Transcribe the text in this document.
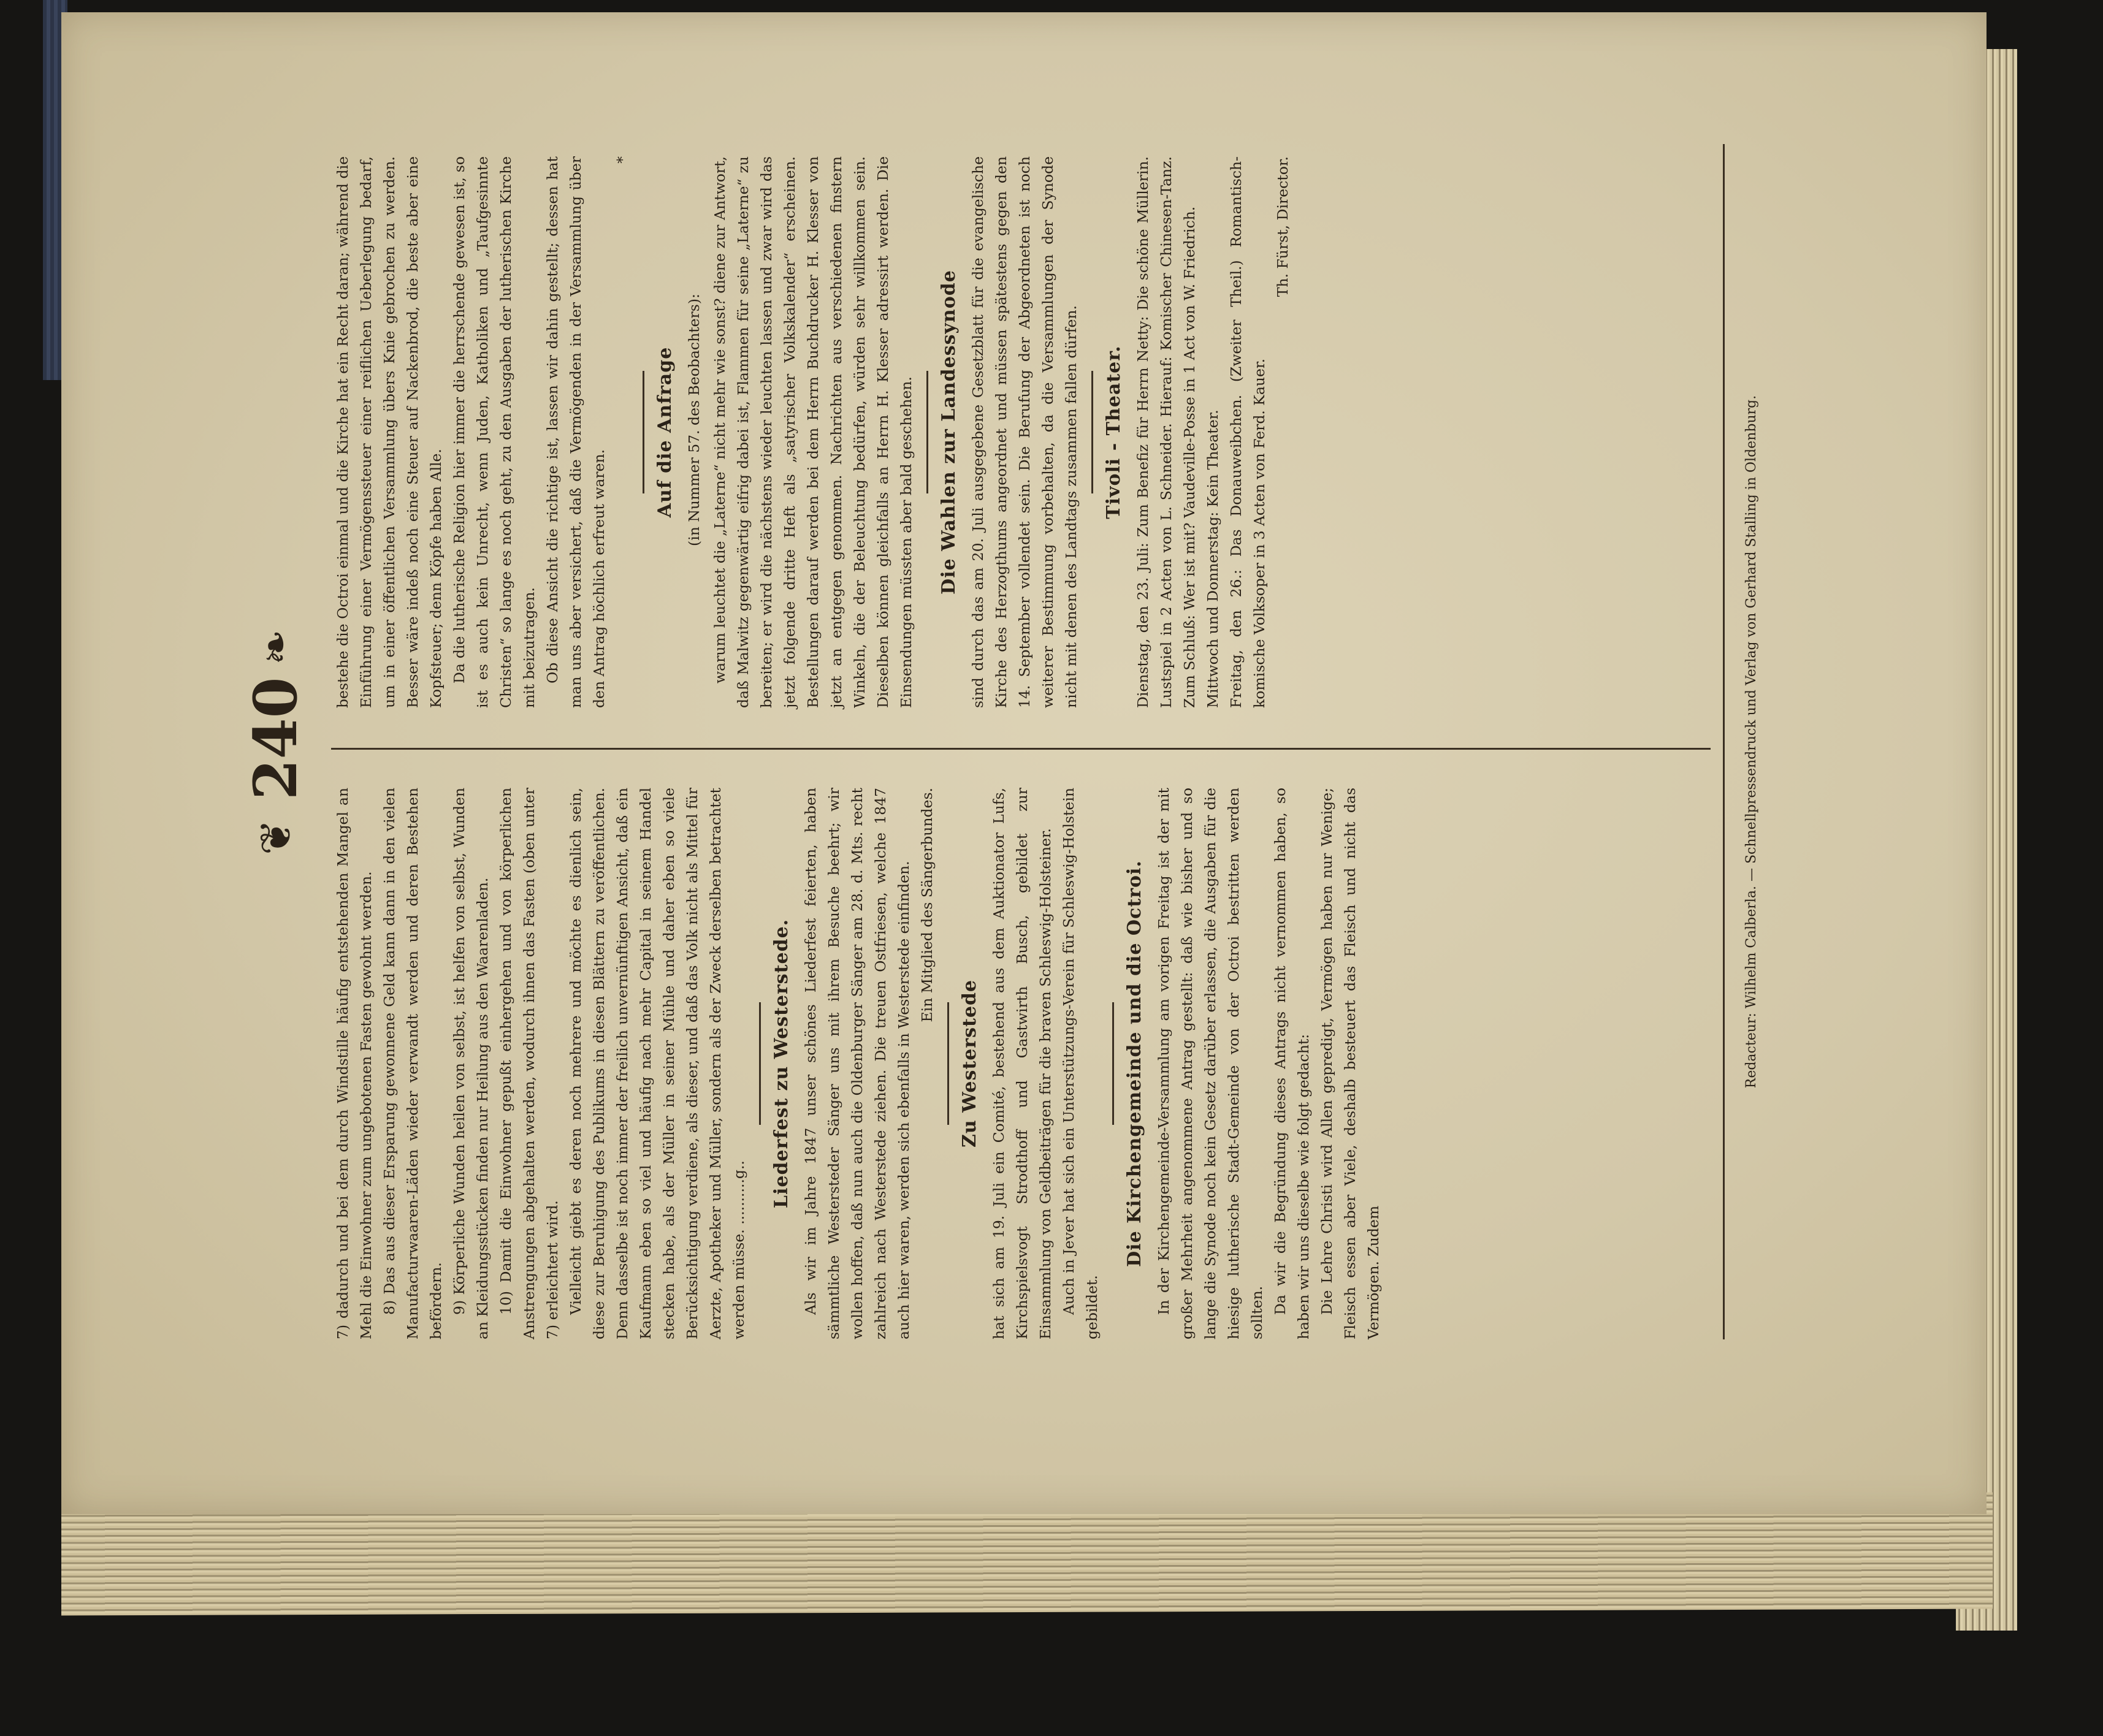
❦
240
❧

7) dadurch und bei dem durch Windstille häufig entstehenden Mangel an Mehl die Einwohner zum ungebotenen Fasten gewohnt werden. 8) Das aus dieser Ersparung gewonnene Geld kann dann in den vielen Manufacturwaaren-Läden wieder verwandt werden und deren Bestehen befördern. 9) Körperliche Wunden heilen von selbst, ist helfen von selbst, Wunden an Kleidungsstücken finden nur Heilung aus den Waarenladen. 10) Damit die Einwohner gepußt einhergehen und von körperlichen Anstrengungen abgehalten werden, wodurch ihnen das Fasten (oben unter 7) erleichtert wird. Vielleicht giebt es deren noch mehrere und möchte es dienlich sein, diese zur Beruhigung des Publikums in diesen Blättern zu veröffentlichen. Denn dasselbe ist noch immer der freilich unvernünftigen Ansicht, daß ein Kaufmann eben so viel und häufig nach mehr Capital in seinem Handel stecken habe, als der Müller in seiner Mühle und daher eben so viele Berücksichtigung verdiene, als dieser, und daß das Volk nicht als Mittel für Aerzte, Apotheker und Müller, sondern als der Zweck derselben betrachtet werden müsse. ..........g..

Liederfest zu Westerstede. Als wir im Jahre 1847 unser schönes Liederfest feierten, haben sämmtliche Westersteder Sänger uns mit ihrem Besuche beehrt; wir wollen hoffen, daß nun auch die Oldenburger Sänger am 28. d. Mts. recht zahlreich nach Westerstede ziehen. Die treuen Ostfriesen, welche 1847 auch hier waren, werden sich ebenfalls in Westerstede einfinden. Ein Mitglied des Sängerbundes.

Zu Westerstede hat sich am 19. Juli ein Comité, bestehend aus dem Auktionator Lufs, Kirchspielsvogt Strodthoff und Gastwirth Busch, gebildet zur Einsammlung von Geldbeiträgen für die braven Schleswig-Holsteiner. Auch in Jever hat sich ein Unterstützungs-Verein für Schleswig-Holstein gebildet.

Die Kirchengemeinde und die Octroi. In der Kirchengemeinde-Versammlung am vorigen Freitag ist der mit großer Mehrheit angenommene Antrag gestellt: daß wie bisher und so lange die Synode noch kein Gesetz darüber erlassen, die Ausgaben für die hiesige lutherische Stadt-Gemeinde von der Octroi bestritten werden sollten. Da wir die Begründung dieses Antrags nicht vernommen haben, so haben wir uns dieselbe wie folgt gedacht: Die Lehre Christi wird Allen gepredigt, Vermögen haben nur Wenige; Fleisch essen aber Viele, deshalb besteuert das Fleisch und nicht das Vermögen. Zudem

bestehe die Octroi einmal und die Kirche hat ein Recht daran; während die Einführung einer Vermögenssteuer einer reiflichen Ueberlegung bedarf, um in einer öffentlichen Versammlung übers Knie gebrochen zu werden. Besser wäre indeß noch eine Steuer auf Nackenbrod, die beste aber eine Kopfsteuer; denn Köpfe haben Alle. Da die lutherische Religion hier immer die herrschende gewesen ist, so ist es auch kein Unrecht, wenn Juden, Katholiken und „Taufgesinnte Christen“ so lange es noch geht, zu den Ausgaben der lutherischen Kirche mit beizutragen. Ob diese Ansicht die richtige ist, lassen wir dahin gestellt; dessen hat man uns aber versichert, daß die Vermögenden in der Versammlung über den Antrag höchlich erfreut waren.

*

Auf die Anfrage (in Nummer 57. des Beobachters): warum leuchtet die „Laterne“ nicht mehr wie sonst? diene zur Antwort, daß Malwitz gegenwärtig eifrig dabei ist, Flammen für seine „Laterne“ zu bereiten; er wird die nächstens wieder leuchten lassen und zwar wird das jetzt folgende dritte Heft als „satyrischer Volkskalender“ erscheinen. Bestellungen darauf werden bei dem Herrn Buchdrucker H. Klesser von jetzt an entgegen genommen. Nachrichten aus verschiedenen finstern Winkeln, die der Beleuchtung bedürfen, würden sehr willkommen sein. Dieselben können gleichfalls an Herrn H. Klesser adressirt werden. Die Einsendungen müssten aber bald geschehen. Die Wahlen zur Landessynode sind durch das am 20. Juli ausgegebene Gesetzblatt für die evangelische Kirche des Herzogthums angeordnet und müssen spätestens gegen den 14. September vollendet sein. Die Berufung der Abgeordneten ist noch weiterer Bestimmung vorbehalten, da die Versammlungen der Synode nicht mit denen des Landtags zusammen fallen dürfen. Tivoli - Theater. Dienstag, den 23. Juli: Zum Benefiz für Herrn Netty: Die schöne Müllerin. Lustspiel in 2 Acten von L. Schneider. Hierauf: Komischer Chinesen-Tanz. Zum Schluß: Wer ist mit? Vaudeville-Posse in 1 Act von W. Friedrich. Mittwoch und Donnerstag: Kein Theater. Freitag, den 26.: Das Donauweibchen. (Zweiter Theil.) Romantisch-komische Volksoper in 3 Acten von Ferd. Kauer.

Th. Fürst, Director.

Redacteur: Wilhelm Calberla. — Schnellpressendruck und Verlag von Gerhard Stalling in Oldenburg.
